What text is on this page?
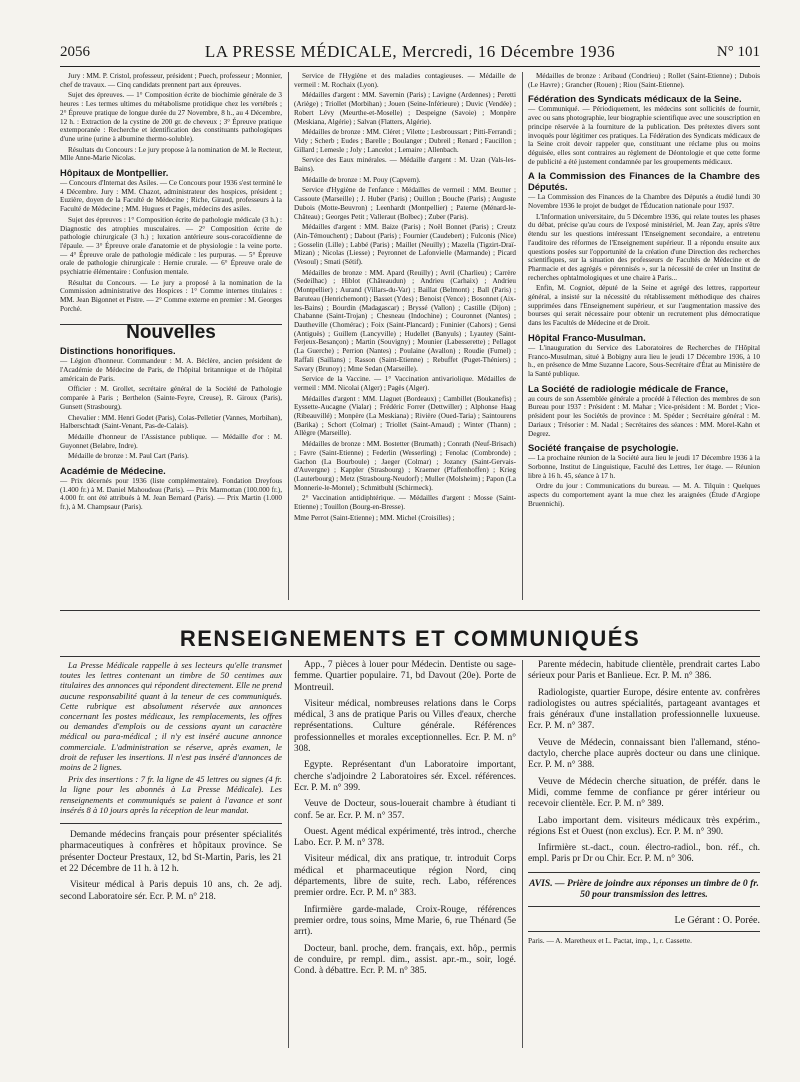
2056	LA PRESSE MÉDICALE, Mercredi, 16 Décembre 1936	N° 101

Jury : MM. P. Cristol, professeur, président ; Puech, professeur ; Monnier, chef de travaux. — Cinq candidats prennent part aux épreuves.

Sujet des épreuves. — 1° Composition écrite de biochimie générale de 3 heures : Les termes ultimes du métabolisme protidique chez les vertébrés ; 2° Épreuve pratique de longue durée du 27 Novembre, 8 h., au 4 Décembre, 12 h. : Extraction de la cystine de 200 gr. de cheveux ; 3° Épreuve pratique extemporanée : Recherche et identification des constituants pathologiques d'une urine (urine à albumine thermo-soluble).

Résultats du Concours : Le jury propose à la nomination de M. le Recteur, Mlle Anne-Marie Nicolas.

Hôpitaux de Montpellier.

— Concours d'Internat des Asiles. — Ce Concours pour 1936 s'est terminé le 4 Décembre. Jury : MM. Chazot, administrateur des hospices, président ; Euzière, doyen de la Faculté de Médecine ; Riche, Giraud, professeurs à la Faculté de Médecine ; MM. Hugues et Pagès, médecins des asiles.

Sujet des épreuves : 1° Composition écrite de pathologie médicale (3 h.) : Diagnostic des atrophies musculaires. — 2° Composition écrite de pathologie chirurgicale (3 h.) ; luxation antérieure sous-coracoïdienne de l'épaule. — 3° Épreuve orale d'anatomie et de physiologie : la veine porte. — 4° Épreuve orale de pathologie médicale : les purpuras. — 5° Épreuve orale de pathologie chirurgicale : Hernie crurale. — 6° Épreuve orale de psychiatrie élémentaire : Confusion mentale.

Résultat du Concours. — Le jury a proposé à la nomination de la Commission administrative des Hospices : 1° Comme internes titulaires : MM. Jean Bigonnet et Pistre. — 2° Comme externe en premier : M. Georges Porché.

Nouvelles
Distinctions honorifiques.

— Légion d'honneur. Commandeur : M. A. Béclère, ancien président de l'Académie de Médecine de Paris, de l'hôpital britannique et de l'hôpital américain de Paris.

Officier : M. Grollet, secrétaire général de la Société de Pathologie comparée à Paris ; Berthelon (Sainte-Feyre, Creuse), R. Giroux (Paris), Gunsett (Strasbourg).

Chevalier : MM. Henri Godet (Paris), Colas-Pelletier (Vannes, Morbihan), Halberschtadt (Saint-Venant, Pas-de-Calais).

Médaille d'honneur de l'Assistance publique. — Médaille d'or : M. Guyonnet (Belabre, Indre).

Médaille de bronze : M. Paul Cart (Paris).

Académie de Médecine.

— Prix décernés pour 1936 (liste complémentaire). Fondation Dreyfous (1.400 fr.) à M. Daniel Mahoudeau (Paris). — Prix Marmottan (100.000 fr.), 4.000 fr. ont été attribués à M. Jean Bernard (Paris). — Prix Martin (1.000 fr.), à M. Champsaur (Paris).

Service de l'Hygiène et des maladies contagieuses. — Médaille de vermeil : M. Rochaix (Lyon).

Médailles d'argent : MM. Savernin (Paris) ; Lavigne (Ardennes) ; Peretti (Ariège) ; Triollet (Morbihan) ; Jouen (Seine-Inférieure) ; Duvic (Vendée) ; Robert Lévy (Meurthe-et-Moselle) ; Despeigne (Savoie) ; Monpère (Meskiana, Algérie) ; Salvan (Flatters, Algérie).

Médailles de bronze : MM. Cléret ; Vilette ; Lesbroussart ; Pitti-Ferrandi ; Vidy ; Scherb ; Eudes ; Barelle ; Boulanger ; Dubreil ; Renard ; Faucillon ; Gillard ; Lemesle ; Joly ; Lancelot ; Lemaire ; Allenbach.

Service des Eaux minérales. — Médaille d'argent : M. Uzan (Vals-les-Bains).

Médaille de bronze : M. Pouy (Capvern).

Service d'Hygiène de l'enfance : Médailles de vermeil : MM. Beutter ; Cassoute (Marseille) ; J. Huber (Paris) ; Ouillon ; Bouche (Paris) ; Auguste Dubois (Motte-Beuvron) ; Leenhardt (Montpellier) ; Paterne (Ménard-le-Château) ; Georges Petit ; Valleraut (Bolbec) ; Zuber (Paris).

Médailles d'argent : MM. Baize (Paris) ; Noël Bonnet (Paris) ; Creutz (Ain-Témouchent) ; Dabout (Paris) ; Fournier (Caudebert) ; Fulconis (Nice) ; Gosselin (Lille) ; Labbé (Paris) ; Maillet (Neuilly) ; Mazella (Tigzirt-Draï-Mizan) ; Nicolas (Liesse) ; Peyronnet de Lafonvielle (Marmande) ; Picard (Vesoul) ; Smati (Sétif).

Médailles de bronze : MM. Apard (Reuilly) ; Avril (Charlieu) ; Carrère (Sedeilhac) ; Hiblot (Châteaudun) ; Andrieu (Carhaix) ; Andrieu (Montpellier) ; Aurand (Villars-du-Var) ; Baillat (Belmont) ; Ball (Paris) ; Baruteau (Henrichemont) ; Basset (Ydes) ; Benoist (Vence) ; Bosonnet (Aix-les-Bains) ; Bourdin (Madagascar) ; Bryssé (Vallon) ; Castille (Dijon) ; Chabanne (Saint-Trojan) ; Chesneau (Indochine) ; Couronnet (Nantes) ; Dautheville (Chomérac) ; Foix (Saint-Plancard) ; Funinier (Cahors) ; Gensi (Antiguès) ; Guillem (Lancyville) ; Hudellet (Banyuls) ; Lyautey (Saint-Ferjeux-Besançon) ; Martin (Souvigny) ; Mounier (Labesserette) ; Pellagot (La Guerche) ; Perrion (Nantes) ; Poulaine (Avallon) ; Roudie (Fumel) ; Raffali (Saillans) ; Rasson (Saint-Etienne) ; Rebuffet (Puget-Théniers) ; Savary (Brunoy) ; Mme Sedan (Marseille).

Service de la Vaccine. — 1° Vaccination antivariolique. Médailles de vermeil : MM. Nicolai (Alger) ; Pagès (Alger).

Médailles d'argent : MM. Llaguet (Bordeaux) ; Cambillet (Boukanefis) ; Eyssette-Aucagne (Vialar) ; Frédéric Forrer (Dettwiller) ; Alphonse Haag (Ribeauvillé) ; Monpère (La Meskiana) ; Rivière (Oued-Taria) ; Saintourens (Barika) ; Schort (Colmar) ; Triollet (Saint-Arnaud) ; Winter (Thann) ; Allègre (Marseille).

Médailles de bronze : MM. Bostetter (Brumath) ; Conrath (Neuf-Brisach) ; Favre (Saint-Etienne) ; Federlin (Wesserling) ; Fenolac (Combronde) ; Gachon (La Bourboule) ; Jaeger (Colmar) ; Jozancy (Saint-Gervais-d'Auvergne) ; Kappler (Strasbourg) ; Kraemer (Pfaffenhoffen) ; Krieg (Lauterbourg) ; Metz (Strasbourg-Neudorf) ; Muller (Molsheim) ; Papon (La Monnerie-le-Montel) ; Schmitbuhl (Schirmeck).

2° Vaccination antidiphtérique. — Médailles d'argent : Mosse (Saint-Etienne) ; Touillon (Bourg-en-Bresse).

Mme Perrot (Saint-Etienne) ; MM. Michel (Croisilles) ;

Médailles de bronze : Aribaud (Condrieu) ; Rollet (Saint-Etienne) ; Dubois (Le Havre) ; Grancher (Rouen) ; Riou (Saint-Etienne).

Fédération des Syndicats médicaux de la Seine.

— Communiqué. — Périodiquement, les médecins sont sollicités de fournir, avec ou sans photographie, leur biographie scientifique avec une souscription en principe réservée à la fourniture de la publication. Des prétextes divers sont invoqués pour légitimer ces pratiques. La Fédération des Syndicats médicaux de la Seine croit devoir rappeler que, constituant une réclame plus ou moins déguisée, elles sont contraires au règlement de Déontologie et que cette forme de publicité a été justement condamnée par les groupements médicaux.

A la Commission des Finances de la Chambre des Députés.

— La Commission des Finances de la Chambre des Députés a étudié lundi 30 Novembre 1936 le projet de budget de l'Éducation nationale pour 1937.

L'Information universitaire, du 5 Décembre 1936, qui relate toutes les phases du débat, précise qu'au cours de l'exposé ministériel, M. Jean Zay, après s'être étendu sur les questions intéressant l'Enseignement secondaire, a entretenu l'auditoire des réformes de l'Enseignement supérieur. Il a répondu ensuite aux questions posées sur l'opportunité de la création d'une Direction des recherches scientifiques, sur la situation des professeurs de Facultés de Médecine et de Pharmacie et des agrégés « pérennisés », sur la nécessité de créer un Institut de recherches ophtalmologiques et une chaire à Paris...

Enfin, M. Cogniot, député de la Seine et agrégé des lettres, rapporteur général, a insisté sur la nécessité du rétablissement méthodique des chaires supprimées dans l'Enseignement supérieur, et sur l'augmentation massive des bourses qui serait nécessaire pour obtenir un recrutement plus démocratique dans les Facultés de Médecine et de Droit.

Hôpital Franco-Musulman.

— L'inauguration du Service des Laboratoires de Recherches de l'Hôpital Franco-Musulman, situé à Bobigny aura lieu le jeudi 17 Décembre 1936, à 10 h., en présence de Mme Suzanne Lacore, Sous-Secrétaire d'État au Ministère de la Santé publique.

La Société de radiologie médicale de France,

au cours de son Assemblée générale a procédé à l'élection des membres de son Bureau pour 1937 : Président : M. Mahar ; Vice-président : M. Bordet ; Vice-président pour les Sociétés de province : M. Spéder ; Secrétaire général : M. Dariaux ; Trésorier : M. Nadal ; Secrétaires des séances : MM. Morel-Kahn et Degrez.

Société française de psychologie.

— La prochaine réunion de la Société aura lieu le jeudi 17 Décembre 1936 à la Sorbonne, Institut de Linguistique, Faculté des Lettres, 1er étage. — Réunion libre à 16 h. 45, séance à 17 h.

Ordre du jour : Communications du bureau. — M. A. Tilquin : Quelques aspects du comportement ayant la mue chez les araignées (Étude d'Argiope Bruennichi).

RENSEIGNEMENTS ET COMMUNIQUÉS

La Presse Médicale rappelle à ses lecteurs qu'elle transmet toutes les lettres contenant un timbre de 50 centimes aux titulaires des annonces qui répondent directement. Elle ne prend aucune responsabilité quant à la teneur de ces communiqués. Cette rubrique est absolument réservée aux annonces concernant les postes médicaux, les remplacements, les offres ou demandes d'emplois ou de cessions ayant un caractère médical ou para-médical ; il n'y est inséré aucune annonce commerciale. L'administration se réserve, après examen, le droit de refuser les insertions. Il n'est pas inséré d'annonces de moins de 2 lignes.

Prix des insertions : 7 fr. la ligne de 45 lettres ou signes (4 fr. la ligne pour les abonnés à La Presse Médicale). Les renseignements et communiqués se paient à l'avance et sont insérés 8 à 10 jours après la réception de leur mandat.

Demande médecins français pour présenter spécialités pharmaceutiques à confrères et hôpitaux province. Se présenter Docteur Prestaux, 12, bd St-Martin, Paris, les 21 et 22 Décembre de 11 h. à 12 h.

Visiteur médical à Paris depuis 10 ans, ch. 2e adj. second Laboratoire sér. Ecr. P. M. n° 218.

App., 7 pièces à louer pour Médecin. Dentiste ou sage-femme. Quartier populaire. 71, bd Davout (20e). Porte de Montreuil.

Visiteur médical, nombreuses relations dans le Corps médical, 3 ans de pratique Paris ou Villes d'eaux, cherche représentations. Culture générale. Références professionnelles et morales exceptionnelles. Ecr. P. M. n° 308.

Egypte. Représentant d'un Laboratoire important, cherche s'adjoindre 2 Laboratoires sér. Excel. références. Ecr. P. M. n° 399.

Veuve de Docteur, sous-louerait chambre à étudiant ti conf. 5e ar. Ecr. P. M. n° 357.

Ouest. Agent médical expérimenté, très introd., cherche Labo. Ecr. P. M. n° 378.

Visiteur médical, dix ans pratique, tr. introduit Corps médical et pharmaceutique région Nord, cinq départements, libre de suite, rech. Labo, références premier ordre. Ecr. P. M. n° 383.

Infirmière garde-malade, Croix-Rouge, références premier ordre, tous soins, Mme Marie, 6, rue Thénard (5e arrt).

Docteur, banl. proche, dem. français, ext. hôp., permis de conduire, pr rempl. dim., assist. apr.-m., soir, logé. Cond. à débattre. Ecr. P. M. n° 385.

Parente médecin, habitude clientèle, prendrait cartes Labo sérieux pour Paris et Banlieue. Ecr. P. M. n° 386.

Radiologiste, quartier Europe, désire entente av. confrères radiologistes ou autres spécialités, partageant avantages et frais généraux d'une installation professionnelle luxueuse. Ecr. P. M. n° 387.

Veuve de Médecin, connaissant bien l'allemand, sténo-dactylo, cherche place auprès docteur ou dans une clinique. Ecr. P. M. n° 388.

Veuve de Médecin cherche situation, de préfér. dans le Midi, comme femme de confiance pr gérer intérieur ou recevoir clientèle. Ecr. P. M. n° 389.

Labo important dem. visiteurs médicaux très expérim., régions Est et Ouest (non exclus). Ecr. P. M. n° 390.

Infirmière st.-dact., coun. électro-radiol., bon. réf., ch. empl. Paris pr Dr ou Chir. Ecr. P. M. n° 306.

AVIS. — Prière de joindre aux réponses un timbre de 0 fr. 50 pour transmission des lettres.
Le Gérant : O. Porée.
Paris. — A. Maretheux et L. Pactat, imp., 1, r. Cassette.
